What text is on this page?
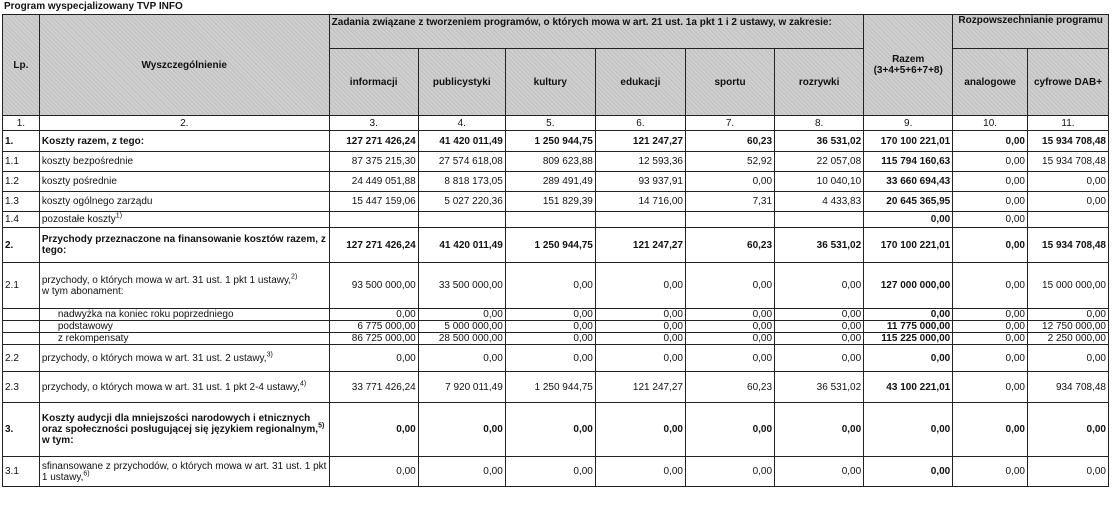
Program wyspecjalizowany TVP INFO
Lp.	Wyszczególnienie	Zadania związane z tworzeniem programów, o których mowa w art. 21 ust. 1a pkt 1 i 2 ustawy, w zakresie:						Razem (3+4+5+6+7+8)	Rozpowszechnianie programu	
		informacji	publicystyki	kultury	edukacji	sportu	rozrywki		analogowe	cyfrowe DAB+
1.	2.	3.	4.	5.	6.	7.	8.	9.	10.	11.
1.	Koszty razem, z tego:	127 271 426,24	41 420 011,49	1 250 944,75	121 247,27	60,23	36 531,02	170 100 221,01	0,00	15 934 708,48
1.1	koszty bezpośrednie	87 375 215,30	27 574 618,08	809 623,88	12 593,36	52,92	22 057,08	115 794 160,63	0,00	15 934 708,48
1.2	koszty pośrednie	24 449 051,88	8 818 173,05	289 491,49	93 937,91	0,00	10 040,10	33 660 694,43	0,00	0,00
1.3	koszty ogólnego zarządu	15 447 159,06	5 027 220,36	151 829,39	14 716,00	7,31	4 433,83	20 645 365,95	0,00	0,00
1.4	pozostałe koszty$^{1)}$							0,00	0,00	
2.	Przychody przeznaczone na finansowanie kosztów razem, z tego:	127 271 426,24	41 420 011,49	1 250 944,75	121 247,27	60,23	36 531,02	170 100 221,01	0,00	15 934 708,48
2.1	przychody, o których mowa w art. 31 ust. 1 pkt 1 ustawy,$^{2)}$
w tym abonament:	93 500 000,00	33 500 000,00	0,00	0,00	0,00	0,00	127 000 000,00	0,00	15 000 000,00
	nadwyżka na koniec roku poprzedniego	0,00	0,00	0,00	0,00	0,00	0,00	0,00	0,00	0,00
	podstawowy	6 775 000,00	5 000 000,00	0,00	0,00	0,00	0,00	11 775 000,00	0,00	12 750 000,00
	z rekompensaty	86 725 000,00	28 500 000,00	0,00	0,00	0,00	0,00	115 225 000,00	0,00	2 250 000,00
2.2	przychody, o których mowa w art. 31 ust. 2 ustawy,$^{3)}$	0,00	0,00	0,00	0,00	0,00	0,00	0,00	0,00	0,00
2.3	przychody, o których mowa w art. 31 ust. 1 pkt 2-4 ustawy,$^{4)}$	33 771 426,24	7 920 011,49	1 250 944,75	121 247,27	60,23	36 531,02	43 100 221,01	0,00	934 708,48
3.	Koszty audycji dla mniejszości narodowych i etnicznych oraz społeczności posługującej się językiem regionalnym,$^{5)}$ w tym:	0,00	0,00	0,00	0,00	0,00	0,00	0,00	0,00	0,00
3.1	sfinansowane z przychodów, o których mowa w art. 31 ust. 1 pkt 1 ustawy,$^{6)}$	0,00	0,00	0,00	0,00	0,00	0,00	0,00	0,00	0,00
